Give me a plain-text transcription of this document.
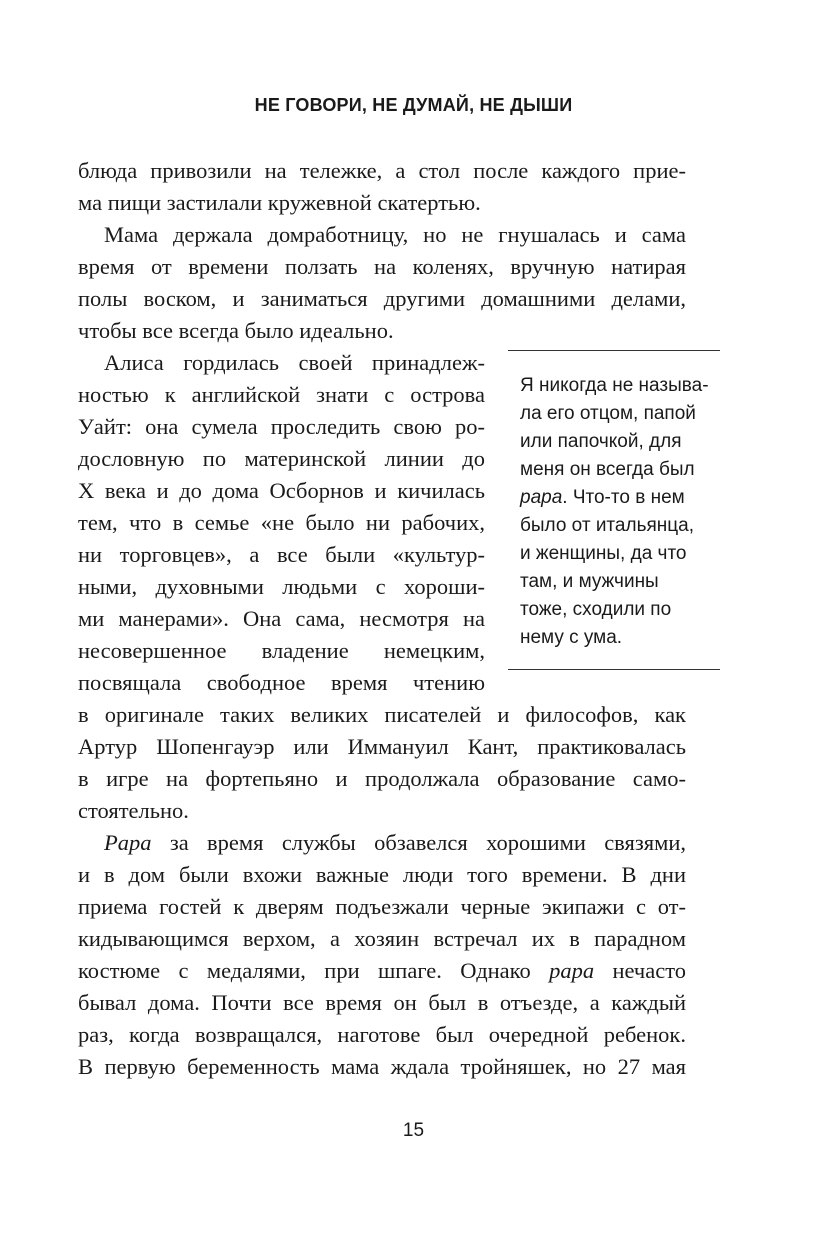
НЕ ГОВОРИ, НЕ ДУМАЙ, НЕ ДЫШИ
блюда привозили на тележке, а стол после каждого прие-
ма пищи застилали кружевной скатертью.
Мама держала домработницу, но не гнушалась и сама
время от времени ползать на коленях, вручную натирая
полы воском, и заниматься другими домашними делами,
чтобы все всегда было идеально.
Алиса гордилась своей принадлеж-
ностью к английской знати с острова
Уайт: она сумела проследить свою ро-
дословную по материнской линии до
X века и до дома Осборнов и кичилась
тем, что в семье «не было ни рабочих,
ни торговцев», а все были «культур-
ными, духовными людьми с хороши-
ми манерами». Она сама, несмотря на
несовершенное владение немецким,
посвящала свободное время чтению
в оригинале таких великих писателей и философов, как
Артур Шопенгауэр или Иммануил Кант, практиковалась
в игре на фортепьяно и продолжала образование само-
стоятельно.
Papa за время службы обзавелся хорошими связями,
и в дом были вхожи важные люди того времени. В дни
приема гостей к дверям подъезжали черные экипажи с от-
кидывающимся верхом, а хозяин встречал их в парадном
костюме с медалями, при шпаге. Однако papa нечасто
бывал дома. Почти все время он был в отъезде, а каждый
раз, когда возвращался, наготове был очередной ребенок.
В первую беременность мама ждала тройняшек, но 27 мая
Я никогда не называ-
ла его отцом, папой
или папочкой, для
меня он всегда был
papa. Что-то в нем
было от итальянца,
и женщины, да что
там, и мужчины
тоже, сходили по
нему с ума.
15
